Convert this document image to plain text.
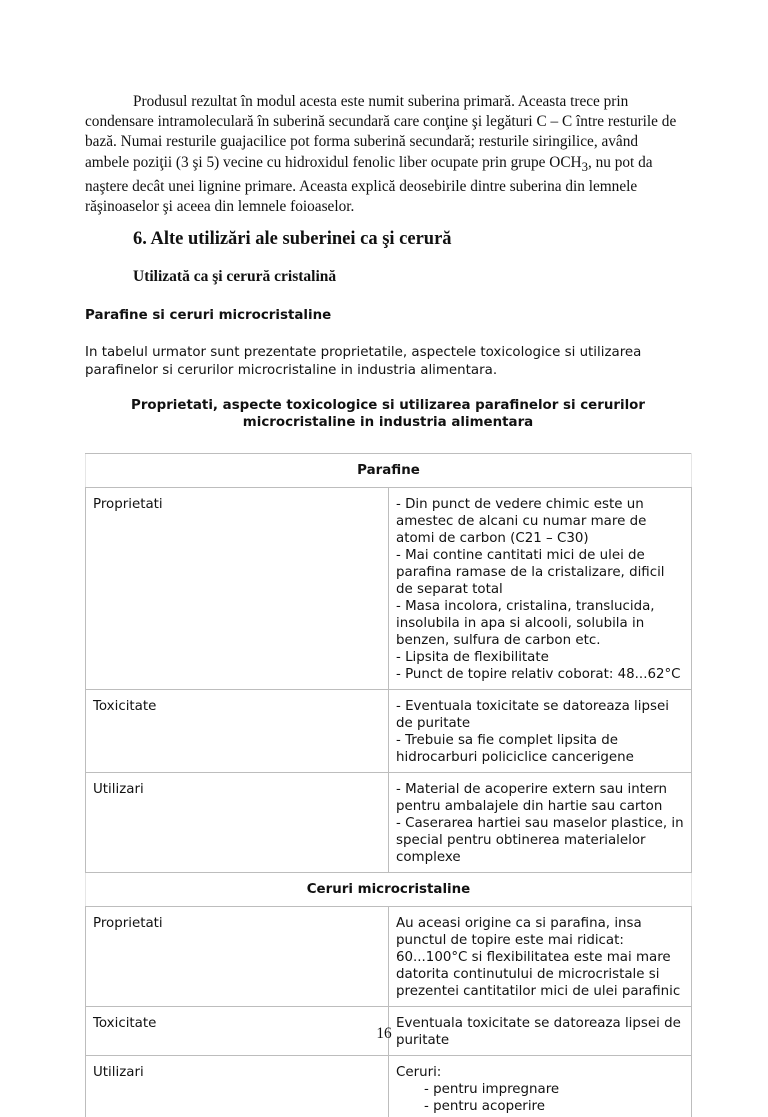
Produsul rezultat în modul acesta este numit suberina primară. Aceasta trece prin condensare intramoleculară în suberină secundară care conţine şi legături C – C între resturile de bază. Numai resturile guajacilice pot forma suberină secundară; resturile siringilice, având ambele poziţii (3 şi 5) vecine cu hidroxidul fenolic liber ocupate prin grupe $OCH_3$, nu pot da naştere decât unei lignine primare. Aceasta explică deosebirile dintre suberina din lemnele răşinoaselor şi aceea din lemnele foioaselor.

6. Alte utilizări ale suberinei ca şi cerură
Utilizată ca şi cerură cristalină
Parafine si ceruri microcristaline

In tabelul urmator sunt prezentate proprietatile, aspectele toxicologice si utilizarea parafinelor si cerurilor microcristaline in industria alimentara.

Proprietati, aspecte toxicologice si utilizarea parafinelor si cerurilor microcristaline in industria alimentara

Parafine	
Proprietati	- Din punct de vedere chimic este un amestec de alcani cu numar mare de atomi de carbon (C21 – C30)
- Mai contine cantitati mici de ulei de parafina ramase de la cristalizare, dificil de separat total
- Masa incolora, cristalina, translucida, insolubila in apa si alcooli, solubila in benzen, sulfura de carbon etc.
- Lipsita de flexibilitate
- Punct de topire relativ coborat: 48...62°C

Toxicitate	- Eventuala toxicitate se datoreaza lipsei de puritate
- Trebuie sa fie complet lipsita de hidrocarburi policiclice cancerigene

Utilizari	- Material de acoperire extern sau intern pentru ambalajele din hartie sau carton
- Caserarea hartiei sau maselor plastice, in special pentru obtinerea materialelor complexe

Ceruri microcristaline	
Proprietati	Au aceasi origine ca si parafina, insa punctul de topire este mai ridicat: 60...100°C si flexibilitatea este mai mare datorita continutului de microcristale si prezentei cantitatilor mici de ulei parafinic
Toxicitate	Eventuala toxicitate se datoreaza lipsei de puritate
Utilizari	Ceruri:
- pentru impregnare
- pentru acoperire

16
